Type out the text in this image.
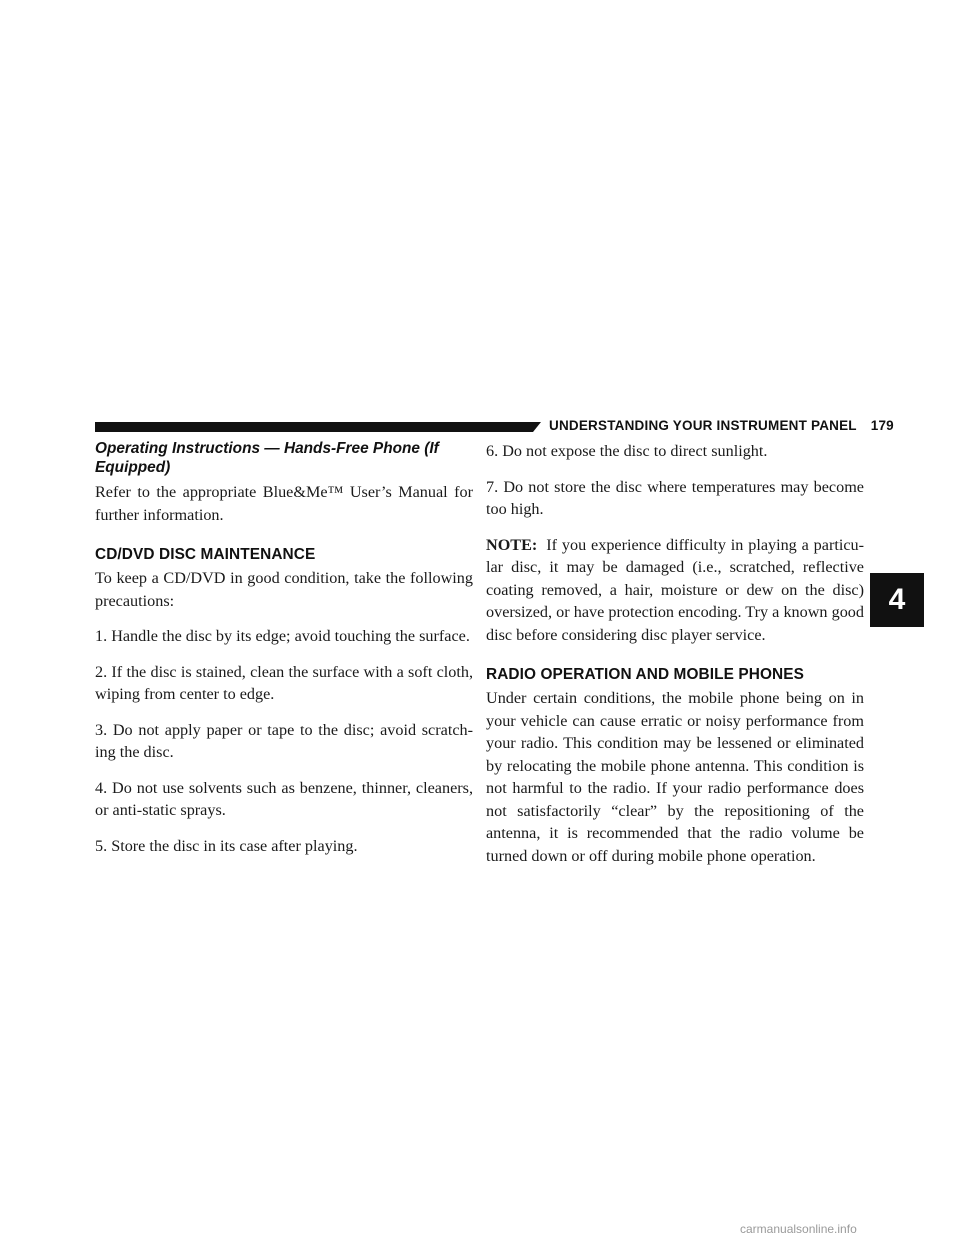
UNDERSTANDING YOUR INSTRUMENT PANEL 179
Operating Instructions — Hands-Free Phone (If Equipped)

Refer to the appropriate Blue&Me™ User’s Manual for further information.

CD/DVD DISC MAINTENANCE

To keep a CD/DVD in good condition, take the following precautions:

1. Handle the disc by its edge; avoid touching the surface.

2. If the disc is stained, clean the surface with a soft cloth, wiping from center to edge.

3. Do not apply paper or tape to the disc; avoid scratch-ing the disc.

4. Do not use solvents such as benzene, thinner, cleaners, or anti-static sprays.

5. Store the disc in its case after playing.

6. Do not expose the disc to direct sunlight.

7. Do not store the disc where temperatures may become too high.

NOTE: If you experience difficulty in playing a particu-lar disc, it may be damaged (i.e., scratched, reflective coating removed, a hair, moisture or dew on the disc) oversized, or have protection encoding. Try a known good disc before considering disc player service.

RADIO OPERATION AND MOBILE PHONES

Under certain conditions, the mobile phone being on in your vehicle can cause erratic or noisy performance from your radio. This condition may be lessened or eliminated by relocating the mobile phone antenna. This condition is not harmful to the radio. If your radio performance does not satisfactorily “clear” by the repositioning of the antenna, it is recommended that the radio volume be turned down or off during mobile phone operation.

4
carmanualsonline.info
